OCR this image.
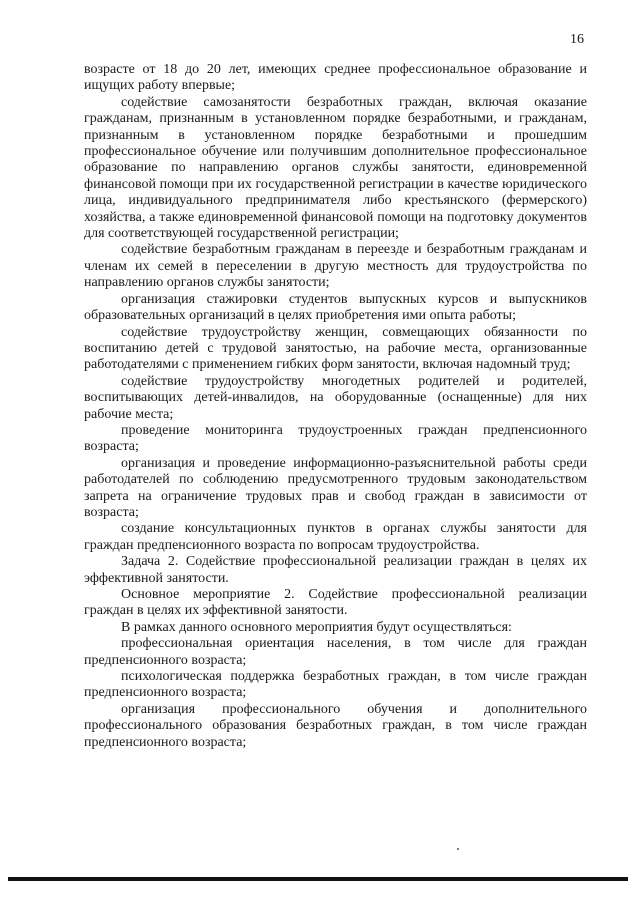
16

возрасте от 18 до 20 лет, имеющих среднее профессиональное образование и ищущих работу впервые;

содействие самозанятости безработных граждан, включая оказание гражданам, признанным в установленном порядке безработными, и гражданам, признанным в установленном порядке безработными и прошедшим профессиональное обучение или получившим дополнительное профессиональное образование по направлению органов службы занятости, единовременной финансовой помощи при их государственной регистрации в качестве юридического лица, индивидуального предпринимателя либо крестьянского (фермерского) хозяйства, а также единовременной финансовой помощи на подготовку документов для соответствующей государственной регистрации;

содействие безработным гражданам в переезде и безработным гражданам и членам их семей в переселении в другую местность для трудоустройства по направлению органов службы занятости;

организация стажировки студентов выпускных курсов и выпускников образовательных организаций в целях приобретения ими опыта работы;

содействие трудоустройству женщин, совмещающих обязанности по воспитанию детей с трудовой занятостью, на рабочие места, организованные работодателями с применением гибких форм занятости, включая надомный труд;

содействие трудоустройству многодетных родителей и родителей, воспитывающих детей-инвалидов, на оборудованные (оснащенные) для них рабочие места;

проведение мониторинга трудоустроенных граждан предпенсионного возраста;

организация и проведение информационно-разъяснительной работы среди работодателей по соблюдению предусмотренного трудовым законодательством запрета на ограничение трудовых прав и свобод граждан в зависимости от возраста;

создание консультационных пунктов в органах службы занятости для граждан предпенсионного возраста по вопросам трудоустройства.

Задача 2. Содействие профессиональной реализации граждан в целях их эффективной занятости.

Основное мероприятие 2. Содействие профессиональной реализации граждан в целях их эффективной занятости.

В рамках данного основного мероприятия будут осуществляться:

профессиональная ориентация населения, в том числе для граждан предпенсионного возраста;

психологическая поддержка безработных граждан, в том числе граждан предпенсионного возраста;

организация профессионального обучения и дополнительного профессионального образования безработных граждан, в том числе граждан предпенсионного возраста;
